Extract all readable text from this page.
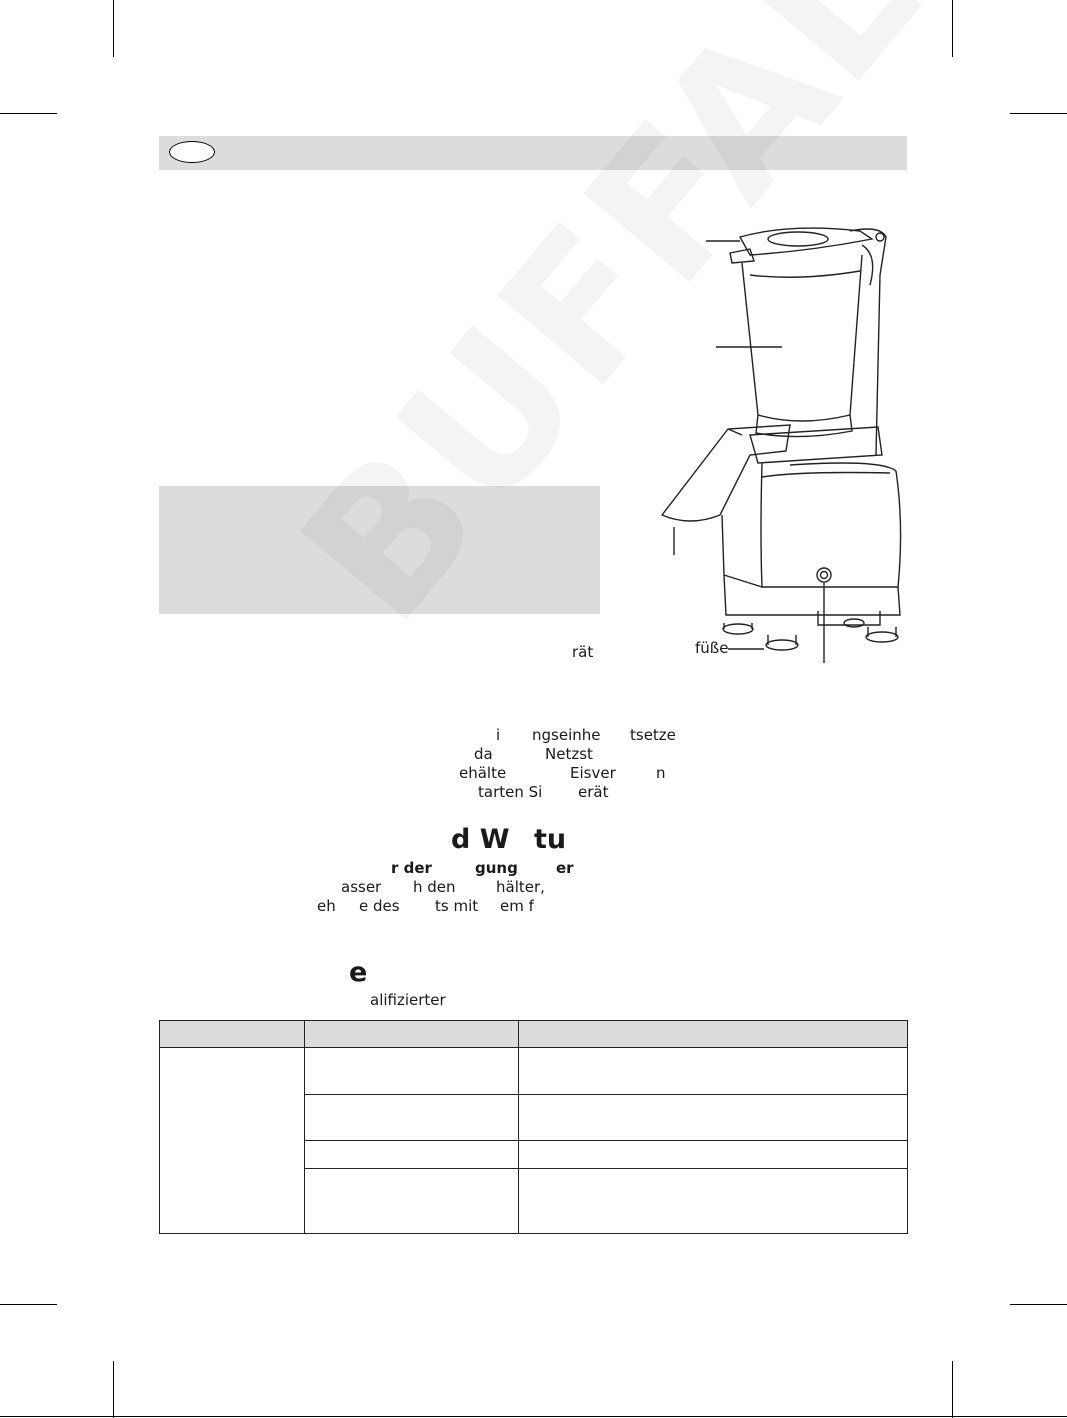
füße
rät
i ngseinhe tsetze
da	Netzst
ehälte	Eisver	n
tarten Si erät
d W tu
r der	gung	er
asser h den	hälter,
eh e des ts mit em f
e
alifizierter
